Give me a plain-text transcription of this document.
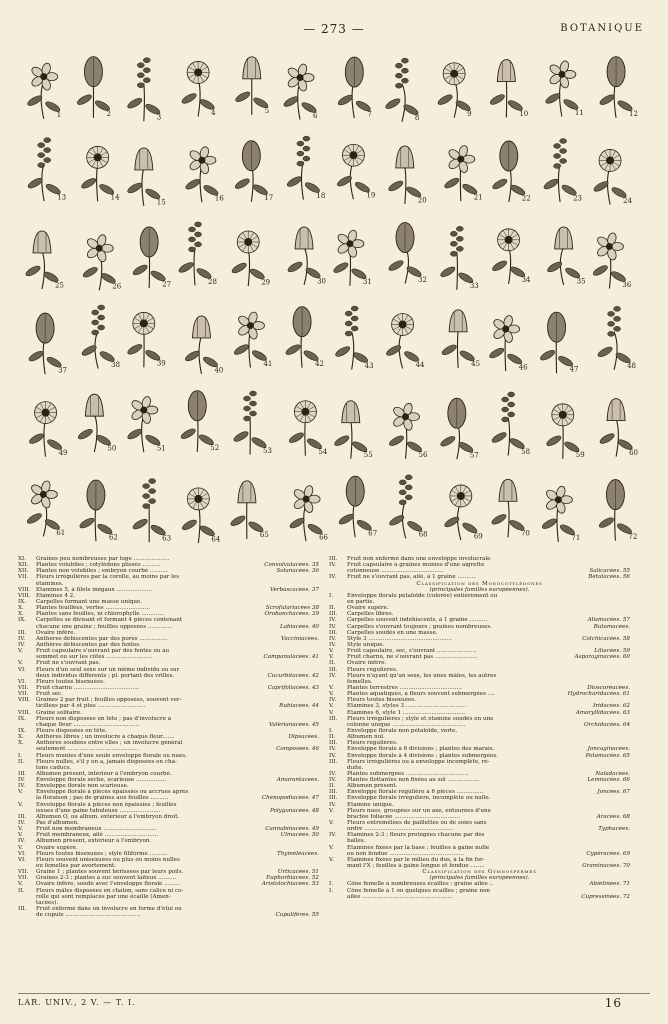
— 273 —	BOTANIQUE
1	2	3
4	5
6	7	8	9	10	11	12
13	14
15	16	17	18	19
20	21	22	23	24
25	26	27	28	29	30	31	32
33
34	35	36
37
38	39
40
41	42	43	44	45	46	47	48
49
50	51	52	53	54	55	56	57	58	59	60
61
62	63	64
65	66	67	68	69	70
71	72
XI.	Graines peu nombreuses par loge ....................
XII.	Plantes volubiles ; cotylédons plissés ..........	Convolvulacées. 35
XII.	Plantes non volubiles ; embryon courbé ..........	Solanacées. 36
VII.	Fleurs irrégulières par la corolle, au moins par les
étamines.
VIII. Étamines 5, à filets inégaux ....................	Verbascacées. 37
VIII. Étamines 4 2.
IX.	Carpelles formant une masse unique.
X.	Plantes feuillées, vertes .........................	Scrofulariacées 38
X.	Plantes sans feuilles, ni chlorophylle .............	Orobanchacées. 39
IX.	Carpelles se divisant et formant 4 pièces contenant
chacune une graine ; feuilles opposées ..............	Labiacées. 40
III.	Ovaire infère.
IV.	Anthères déhiscentes par des pores ................	Vacciniacées.
IV.	Anthères déhiscentes par des fentes.
V.	Fruit capsulaire s'ouvrant par des fentes ou au
sommet ou sur les côtés ..........................	Campanulacées. 41
V.	Fruit ne s'ouvrant pas.
VI.	Fleurs d'un seul sexe sur un même individu ou sur
deux individus différents ; pl. portant des vrilles.	Cucurbitacées. 42
VI.	Fleurs toutes bisexuées.
VII.	Fruit charnu .....................................	Caprifoliacées. 43
VII.	Fruit sec.
VIII. Graines 2 par fruit ; feuilles opposées, souvent ver-
ticillées par 4 et plus ...........................	Rubiacées. 44
VIII. Graine solitaire.
IX.	Fleurs non disposées en tête ; pas d'involucre à
chaque fleur .....................................	Valérianacées. 45
IX.	Fleurs disposées en tête.
X.	Anthères libres ; un involucre à chaque fleur.......	Dipsacées.
X.	Anthères soudées entre elles ; un involucre général
seulement ........................................	Composées. 46
I.	Fleurs munies d'une seule enveloppe florale ou nues.
II.	Fleurs nulles, s'il y en a, jamais disposées en cha-
tons caducs.
III.	Albumen présent, intérieur à l'embryon courbé.
IV.	Enveloppe florale sèche, scarieuse .................	Amarantacées.
IV.	Enveloppe florale non scarieuse.
V.	Enveloppe florale à pièces épaissies ou accrues après
la floraison ; pas de graines aux feuilles ..........	Chénopodiacées. 47
V.	Enveloppe florale à pièces non épaissies ; feuilles
issues d'une gaine tubuleuse .......................	Polygonacées. 48
III.	Albumen O, ou album. extérieur à l'embryon droit.
IV.	Pas d'albumen.
V.	Fruit non membraneux ..............................	Cannabinacées. 49
V.	Fruit membraneux, ailé ..............................	Ulmacées. 50
IV.	Albumen présent, extérieur à l'embryon.
V.	Ovaire supère.
VI.	Fleurs toutes bisexuées ; style filiforme ..........	Thyméléacées.
VI.	Fleurs souvent unisexuées ou plus ou moins nulles
ou femelles par avortement.
VII.	Graine 1 ; plantes souvent hérissées par leurs poils.	Urticacées. 51
VII.	Graines 2-3 ; plantes à suc souvent laiteux ..........	Euphorbiacées. 52
V.	Ovaire infère, soudé avec l'enveloppe florale .........	Aristolochiacées. 53
II.	Fleurs mâles disposées en chaton, sans calice ni co-
rolle qui sont remplacés par une écaille (Amen-
tacées).
III.	Fruit enfermé dans un involucre en forme d'étui ou
de cupule ..........................................	Cupulifères. 55
III.	Fruit non enfermé dans une enveloppe involucrale
IV.	Fruit capsulaire à graines munies d'une aigrette
cotonneuse ...................................	Salicacées. 55
IV.	Fruit ne s'ouvrant pas, ailé, à 1 graine ..........	Bétulacées. 56
Classification des Monocotylédones
(principales familles européennes).
I.	Enveloppe florale pétaloïde (colorée) entièrement ou
en partie.
II.	Ovaire supère.
III.	Carpelles libres.
IV.	Carpelles souvent indéhiscents, à 1 graine ..........	Alismacées. 57
IV.	Carpelles s'ouvrant toujours ; graines nombreuses.	Butomacées.
III.	Carpelles soudés en une masse.
IV.	Style 3 ...............................................	Colchicacées. 58
IV.	Style unique.
V.	Fruit capsulaire, sec, s'ouvrant ......................	Liliacées. 59
V.	Fruit charnu, ne s'ouvrant pas ........................	Asparaginacées. 60
II.	Ovaire infère.
III.	Fleurs régulières.
IV.	Fleurs n'ayant qu'un sexe, les unes mâles, les autres
femelles.
V.	Plantes terrestres ...................................	Dioscoréacées.
V.	Plantes aquatiques, à fleurs souvent submergées ....	Hydrocharidacées. 61
IV.	Fleurs toutes bisexuées.
V.	Étamines 3, styles 3 ..................................	Iridacées. 62
V.	Étamines 6, style 1 ...................................	Amaryllidacées. 63
III.	Fleurs irrégulières ; style et étamine soudés en une
colonne unique .........................................	Orchidacées. 64
I.	Enveloppe florale non pétaloïde, verte.
II.	Albumen nul.
III.	Fleurs régulières.
IV.	Enveloppe florale à 6 divisions ; plantes des marais.	Joncaginacées.
IV.	Enveloppe florale à 4 divisions ; plantes submergées.	Potamacées. 65
III.	Fleurs irrégulières ou à enveloppe incomplète, ré-
duite.
IV.	Plantes submergées ...................................	Naïadacées.
IV.	Plantes flottantes non fixées au sol ..................	Lemnacées. 66
II.	Albumen présent.
III.	Enveloppe florale régulière à 6 pièces ...............	Joncées. 67
III.	Enveloppe florale irrégulière, incomplète ou nulle.
IV.	Étamine unique.
V.	Fleurs nues, groupées sur un axe, entourées d'une
bractée foliacée .....................................	Aracées. 68
V.	Fleurs entremêlées de paillettes ou de soies sans
ordre ..................................................	Typhacées.
IV.	Étamines 2-3 ; fleurs protégées chacune par des
balles.
V.	Étamines fixées par la base ; feuilles à gaine nulle
ou non fendue ..........................................	Cypéracées. 69
V.	Étamines fixées par le milieu du dos, à la fin for-
mant l'X ; feuilles à gaine longue et fendue ........	Graminacées. 70
Classification des Gymnospermes
(principales familles européennes).
I.	Cône femelle à nombreuses écailles ; graine ailée ..	Abiétinées. 71
I.	Cône femelle à 1 ou quelques écailles ; graine non
ailée ...................................................	Cupressinées. 72
LAR. UNIV., 2 V. — T. I.	16
